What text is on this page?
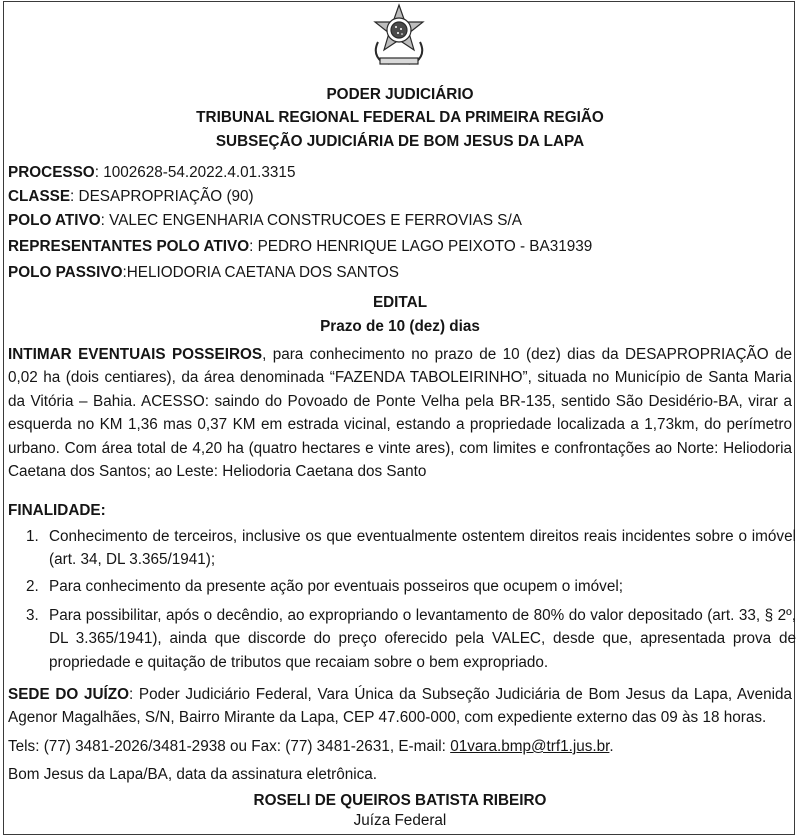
PODER JUDICIÁRIO
TRIBUNAL REGIONAL FEDERAL DA PRIMEIRA REGIÃO
SUBSEÇÃO JUDICIÁRIA DE BOM JESUS DA LAPA
PROCESSO: 1002628-54.2022.4.01.3315
CLASSE: DESAPROPRIAÇÃO (90)
POLO ATIVO: VALEC ENGENHARIA CONSTRUCOES E FERROVIAS S/A
REPRESENTANTES POLO ATIVO: PEDRO HENRIQUE LAGO PEIXOTO - BA31939
POLO PASSIVO:HELIODORIA CAETANA DOS SANTOS
EDITAL
Prazo de 10 (dez) dias
INTIMAR EVENTUAIS POSSEIROS, para conhecimento no prazo de 10 (dez) dias da DESAPROPRIAÇÃO de 0,02 ha (dois centiares), da área denominada “FAZENDA TABOLEIRINHO”, situada no Município de Santa Maria da Vitória – Bahia. ACESSO: saindo do Povoado de Ponte Velha pela BR-135, sentido São Desidério-BA, virar a esquerda no KM 1,36 mas 0,37 KM em estrada vicinal, estando a propriedade localizada a 1,73km, do perímetro urbano. Com área total de 4,20 ha (quatro hectares e vinte ares), com limites e confrontações ao Norte: Heliodoria Caetana dos Santos; ao Leste: Heliodoria Caetana dos Santo
FINALIDADE:
1. Conhecimento de terceiros, inclusive os que eventualmente ostentem direitos reais incidentes sobre o imóvel (art. 34, DL 3.365/1941);
2. Para conhecimento da presente ação por eventuais posseiros que ocupem o imóvel;
3. Para possibilitar, após o decêndio, ao expropriando o levantamento de 80% do valor depositado (art. 33, § 2º, DL 3.365/1941), ainda que discorde do preço oferecido pela VALEC, desde que, apresentada prova de propriedade e quitação de tributos que recaiam sobre o bem expropriado.
SEDE DO JUÍZO: Poder Judiciário Federal, Vara Única da Subseção Judiciária de Bom Jesus da Lapa, Avenida Agenor Magalhães, S/N, Bairro Mirante da Lapa, CEP 47.600-000, com expediente externo das 09 às 18 horas.
Tels: (77) 3481-2026/3481-2938 ou Fax: (77) 3481-2631, E-mail: 01vara.bmp@trf1.jus.br.
Bom Jesus da Lapa/BA, data da assinatura eletrônica.
ROSELI DE QUEIROS BATISTA RIBEIRO
Juíza Federal
